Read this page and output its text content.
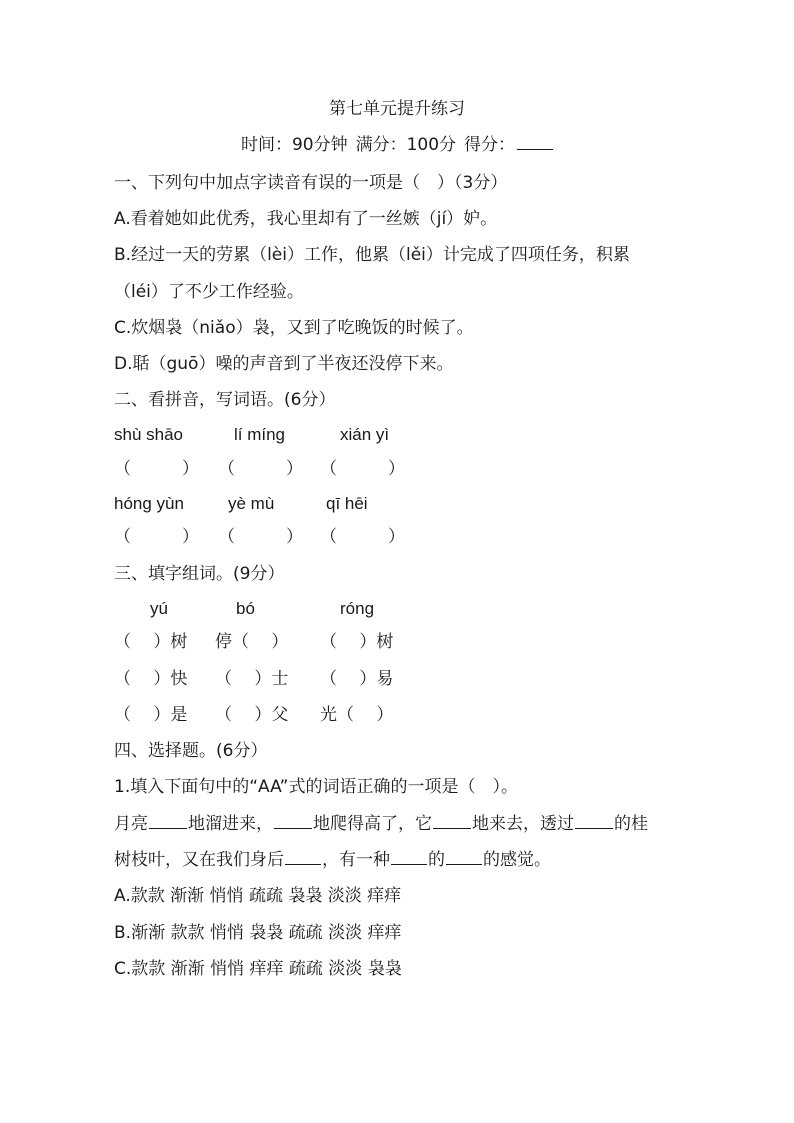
第七单元提升练习
时间：90分钟 满分：100分 得分：
一、下列句中加点字读音有误的一项是（　）（3分）
A.看着她如此优秀，我心里却有了一丝嫉（jí）妒。
B.经过一天的劳累（lèi）工作，他累（lěi）计完成了四项任务，积累
（léi）了不少工作经验。
C.炊烟袅（niǎo）袅，又到了吃晚饭的时候了。
D.聒（guō）噪的声音到了半夜还没停下来。
二、看拼音，写词语。(6分）
shù shāo	lí míng	xián yì
（　　　） （　　　） （　　　）
hóng yùn	yè mù	qī hēi
（　　　） （　　　） （　　　）
三、填字组词。(9分）
yú	bó	róng
（　 ）树 停（　 ） （　 ）树
（　 ）快 （　 ）士 （　 ）易
（　 ）是 （　 ）父 光（　 ）
四、选择题。(6分）
1.填入下面句中的“AA”式的词语正确的一项是（　）。
月亮 地溜进来， 地爬得高了，它 地来去，透过 的桂
树枝叶，又在我们身后 ，有一种 的 的感觉。
A.款款 渐渐 悄悄 疏疏 袅袅 淡淡 痒痒
B.渐渐 款款 悄悄 袅袅 疏疏 淡淡 痒痒
C.款款 渐渐 悄悄 痒痒 疏疏 淡淡 袅袅
